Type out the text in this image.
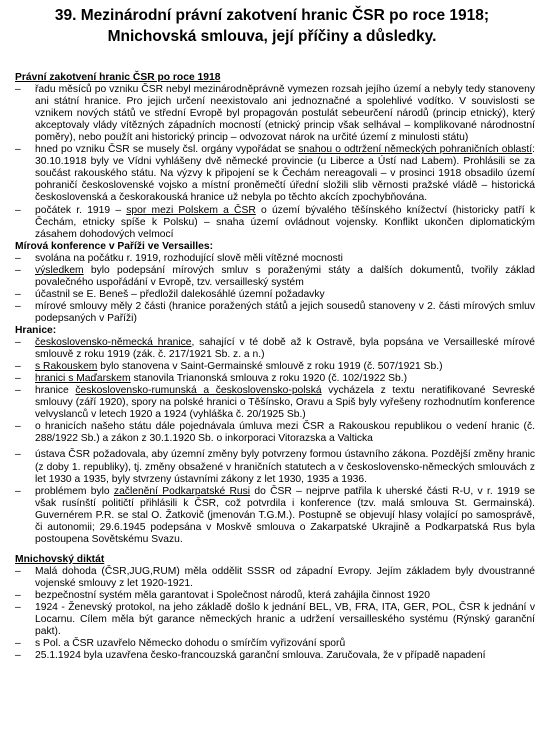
39. Mezinárodní právní zakotvení hranic ČSR po roce 1918;
Mnichovská smlouva, její příčiny a důsledky.
Právní zakotvení hranic ČSR po roce 1918
– řadu měsíců po vzniku ČSR nebyl mezinárodněprávně vymezen rozsah jejího území a nebyly tedy stanoveny ani státní hranice. Pro jejich určení neexistovalo ani jednoznačné a spolehlivé vodítko. V souvislosti se vznikem nových států ve střední Evropě byl propagován postulát sebeurčení národů (princip etnický), který akceptovaly vlády vítězných západních mocností (etnický princip však selhával – komplikované národnostní poměry), nebo použít ani historický princip – odvozovat nárok na určité území z minulosti státu)
– hned po vzniku ČSR se musely čsl. orgány vypořádat se snahou o odtržení německých pohraničních oblastí: 30.10.1918 byly ve Vídni vyhlášeny dvě německé provincie (u Liberce a Ústí nad Labem). Prohlásili se za součást rakouského státu. Na výzvy k připojení se k Čechám nereagovali – v prosinci 1918 obsadilo území pohraničí československé vojsko a místní proněmečtí úřední složili slib věrnosti pražské vládě – historická československá a českorakouská hranice už nebyla po těchto akcích zpochybňována.
– počátek r. 1919 – spor mezi Polskem a ČSR o území bývalého těšínského knížectví (historicky patří k Čechám, etnicky spíše k Polsku) – snaha území ovládnout vojensky. Konflikt ukončen diplomatickým zásahem dohodových velmocí
Mírová konference v Paříži ve Versailles:
– svolána na počátku r. 1919, rozhodující slově měli vítězné mocnosti
– výsledkem bylo podepsání mírových smluv s poraženými státy a dalších dokumentů, tvořily základ povalečného uspořádání v Evropě, tzv. versailleský systém
– účastnil se E. Beneš – předložil dalekosáhlé územní požadavky
– mírové smlouvy měly 2 části (hranice poražených států a jejich sousedů stanoveny v 2. části mírových smluv podepsaných v Paříži)
Hranice:
– československo-německá hranice, sahající v té době až k Ostravě, byla popsána ve Versailleské mírové smlouvě z roku 1919 (zák. č. 217/1921 Sb. z. a n.)
– s Rakouskem bylo stanovena v Saint-Germainské smlouvě z roku 1919 (č. 507/1921 Sb.)
– hranici s Maďarskem stanovila Trianonská smlouva z roku 1920 (č. 102/1922 Sb.)
– hranice československo-rumunská a československo-polská vycházela z textu neratifikované Sevreské smlouvy (září 1920), spory na polské hranici o Těšínsko, Oravu a Spiš byly vyřešeny rozhodnutím konference velvyslanců v letech 1920 a 1924 (vyhláška č. 20/1925 Sb.)
– o hranicích našeho státu dále pojednávala úmluva mezi ČSR a Rakouskou republikou o vedení hranic (č. 288/1922 Sb.) a zákon z 30.1.1920 Sb. o inkorporaci Vitorazska a Valticka
– ústava ČSR požadovala, aby územní změny byly potvrzeny formou ústavního zákona. Pozdější změny hranic (z doby 1. republiky), tj. změny obsažené v hraničních statutech a v československo-německých smlouvách z let 1930 a 1935, byly stvrzeny ústavními zákony z let 1930, 1935 a 1936.
– problémem bylo začlenění Podkarpatské Rusi do ČSR – nejprve patřila k uherské části R-U, v r. 1919 se však rusínští političtí přihlásili k ČSR, což potvrdila i konference (tzv. malá smlouva St. Germainská). Guvernérem P.R. se stal O. Žatkovič (jmenován T.G.M.). Postupně se objevují hlasy volající po samosprávě, či autonomii; 29.6.1945 podepsána v Moskvě smlouva o Zakarpatské Ukrajině a Podkarpatská Rus byla postoupena Sovětskému Svazu.
Mnichovský diktát
– Malá dohoda (ČSR,JUG,RUM) měla oddělit SSSR od západní Evropy. Jejím základem byly dvoustranné vojenské smlouvy z let 1920-1921.
– bezpečnostní systém měla garantovat i Společnost národů, která zahájila činnost 1920
– 1924 - Ženevský protokol, na jeho základě došlo k jednání BEL, VB, FRA, ITA, GER, POL, ČSR k jednání v Locarnu. Cílem měla být garance německých hranic a udržení versailleského systému (Rýnský garanční pakt).
– s Pol. a ČSR uzavřelo Německo dohodu o smírčím vyřizování sporů
– 25.1.1924 byla uzavřena česko-francouzská garanční smlouva. Zaručovala, že v případě napadení
